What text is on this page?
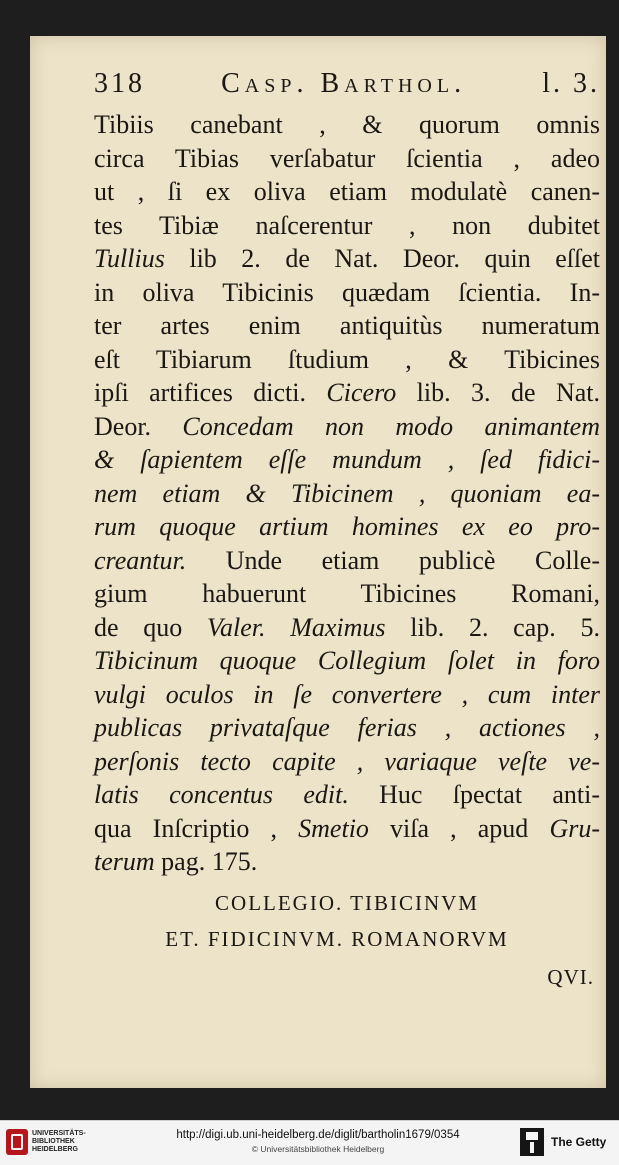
318	Casp. Barthol.	l. 3.
Tibiis canebant , & quorum omnis
circa Tibias verſabatur ſcientia , adeo
ut , ſi ex oliva etiam modulatè canen-
tes Tibiæ naſcerentur , non dubitet
Tullius lib 2. de Nat. Deor. quin eſſet
in oliva Tibicinis quædam ſcientia. In-
ter artes enim antiquitùs numeratum
eſt Tibiarum ſtudium , & Tibicines
ipſi artifices dicti. Cicero lib. 3. de Nat.
Deor. Concedam non modo animantem
& ſapientem eſſe mundum , ſed fidici-
nem etiam & Tibicinem , quoniam ea-
rum quoque artium homines ex eo pro-
creantur. Unde etiam publicè Colle-
gium habuerunt Tibicines Romani,
de quo Valer. Maximus lib. 2. cap. 5.
Tibicinum quoque Collegium ſolet in foro
vulgi oculos in ſe convertere , cum inter
publicas privataſque ferias , actiones ,
perſonis tecto capite , variaque veſte ve-
latis concentus edit. Huc ſpectat anti-
qua Inſcriptio , Smetio viſa , apud Gru-
terum pag. 175.
COLLEGIO. TIBICINVM
ET. FIDICINVM. ROMANORVM
QVI.
UNIVERSITÄTS-
BIBLIOTHEK
HEIDELBERG
http://digi.ub.uni-heidelberg.de/diglit/bartholin1679/0354
© Universitätsbibliothek Heidelberg	The Getty
